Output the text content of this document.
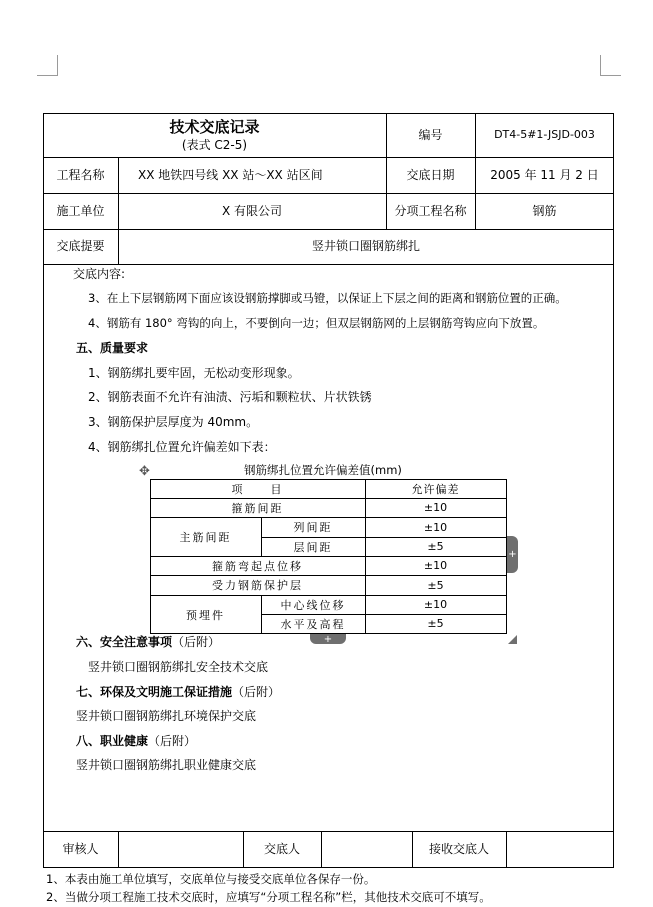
技术交底记录
(表式 C2-5)
编号	DT4-5#1-JSJD-003
工程名称	XX 地铁四号线 XX 站～XX 站区间	交底日期	2005 年 11 月 2 日
施工单位	X 有限公司	分项工程名称	钢筋
交底提要	竖井锁口圈钢筋绑扎
交底内容:
3、在上下层钢筋网下面应该设钢筋撑脚或马镫，以保证上下层之间的距离和钢筋位置的正确。
4、钢筋有 180° 弯钩的向上，不要倒向一边；但双层钢筋网的上层钢筋弯钩应向下放置。
五、质量要求
1、钢筋绑扎要牢固，无松动变形现象。
2、钢筋表面不允许有油渍、污垢和颗粒状、片状铁锈
3、钢筋保护层厚度为 40mm。
4、钢筋绑扎位置允许偏差如下表：
✥	钢筋绑扎位置允许偏差值(mm)
项　　目	允许偏差
箍筋间距	±10
主筋间距
列间距	±10
层间距	±5
箍筋弯起点位移	±10
受力钢筋保护层	±5
预埋件
中心线位移	±10
水平及高程	±5
+
+
六、安全注意事项（后附）
竖井锁口圈钢筋绑扎安全技术交底
七、环保及文明施工保证措施（后附）
竖井锁口圈钢筋绑扎环境保护交底
八、职业健康（后附）
竖井锁口圈钢筋绑扎职业健康交底
审核人	交底人	接收交底人
1、本表由施工单位填写，交底单位与接受交底单位各保存一份。
2、当做分项工程施工技术交底时，应填写“分项工程名称”栏，其他技术交底可不填写。
